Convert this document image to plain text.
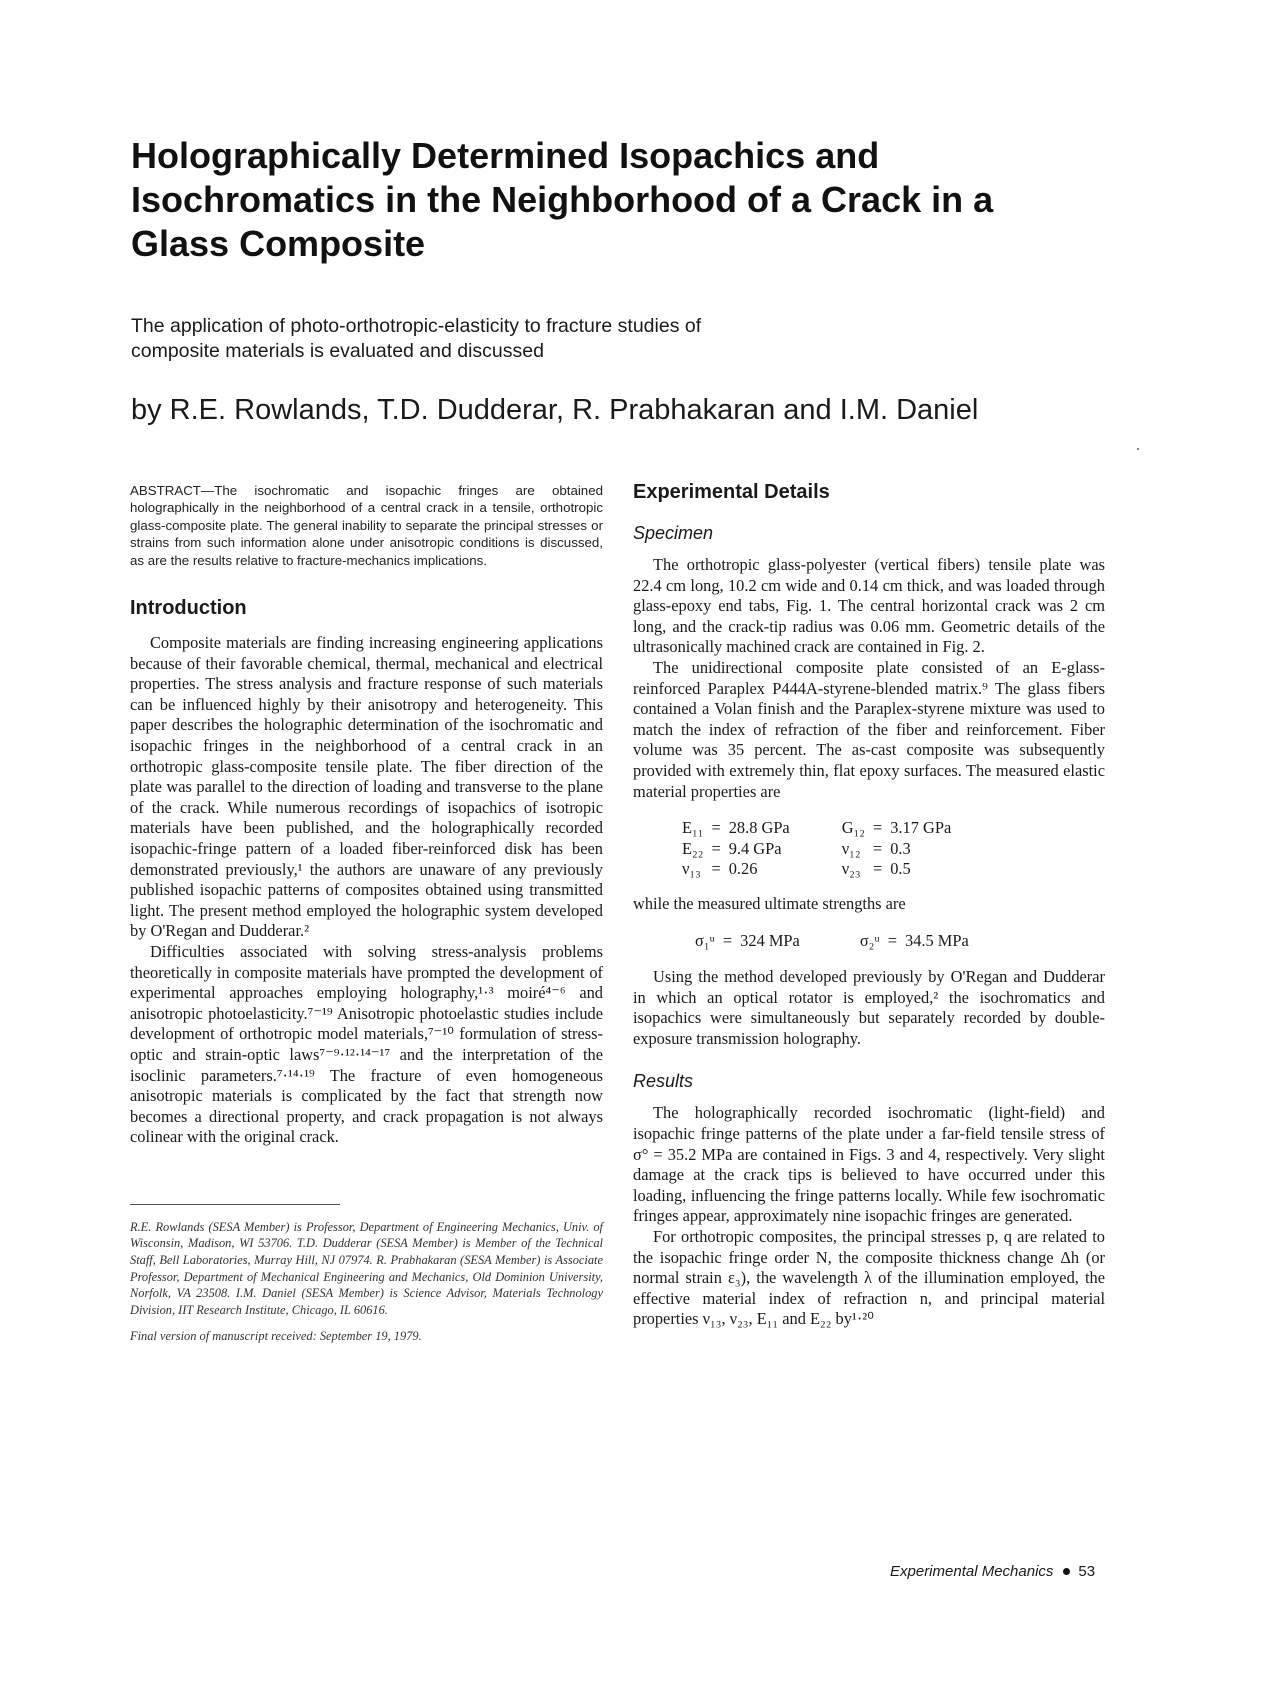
Holographically Determined Isopachics and Isochromatics in the Neighborhood of a Crack in a Glass Composite
The application of photo-orthotropic-elasticity to fracture studies of composite materials is evaluated and discussed
by R.E. Rowlands, T.D. Dudderar, R. Prabhakaran and I.M. Daniel

ABSTRACT—The isochromatic and isopachic fringes are obtained holographically in the neighborhood of a central crack in a tensile, orthotropic glass-composite plate. The general inability to separate the principal stresses or strains from such information alone under anisotropic conditions is discussed, as are the results relative to fracture-mechanics implications.

Introduction

Composite materials are finding increasing engineering applications because of their favorable chemical, thermal, mechanical and electrical properties. The stress analysis and fracture response of such materials can be influenced highly by their anisotropy and heterogeneity. This paper describes the holographic determination of the isochromatic and isopachic fringes in the neighborhood of a central crack in an orthotropic glass-composite tensile plate. The fiber direction of the plate was parallel to the direction of loading and transverse to the plane of the crack. While numerous recordings of isopachics of isotropic materials have been published, and the holographically recorded isopachic-fringe pattern of a loaded fiber-reinforced disk has been demonstrated previously,¹ the authors are unaware of any previously published isopachic patterns of composites obtained using transmitted light. The present method employed the holographic system developed by O'Regan and Dudderar.²

Difficulties associated with solving stress-analysis problems theoretically in composite materials have prompted the development of experimental approaches employing holography,¹·³ moiré⁴⁻⁶ and anisotropic photoelasticity.⁷⁻¹⁹ Anisotropic photoelastic studies include development of orthotropic model materials,⁷⁻¹⁰ formulation of stress-optic and strain-optic laws⁷⁻⁹·¹²·¹⁴⁻¹⁷ and the interpretation of the isoclinic parameters.⁷·¹⁴·¹⁹ The fracture of even homogeneous anisotropic materials is complicated by the fact that strength now becomes a directional property, and crack propagation is not always colinear with the original crack.

R.E. Rowlands (SESA Member) is Professor, Department of Engineering Mechanics, Univ. of Wisconsin, Madison, WI 53706. T.D. Dudderar (SESA Member) is Member of the Technical Staff, Bell Laboratories, Murray Hill, NJ 07974. R. Prabhakaran (SESA Member) is Associate Professor, Department of Mechanical Engineering and Mechanics, Old Dominion University, Norfolk, VA 23508. I.M. Daniel (SESA Member) is Science Advisor, Materials Technology Division, IIT Research Institute, Chicago, IL 60616.

Final version of manuscript received: September 19, 1979.

Experimental Details
Specimen

The orthotropic glass-polyester (vertical fibers) tensile plate was 22.4 cm long, 10.2 cm wide and 0.14 cm thick, and was loaded through glass-epoxy end tabs, Fig. 1. The central horizontal crack was 2 cm long, and the crack-tip radius was 0.06 mm. Geometric details of the ultrasonically machined crack are contained in Fig. 2.

The unidirectional composite plate consisted of an E-glass-reinforced Paraplex P444A-styrene-blended matrix.⁹ The glass fibers contained a Volan finish and the Paraplex-styrene mixture was used to match the index of refraction of the fiber and reinforcement. Fiber volume was 35 percent. The as-cast composite was subsequently provided with extremely thin, flat epoxy surfaces. The measured elastic material properties are

E₁₁	=	28.8 GPa	G₁₂	=	3.17 GPa
E₂₂	=	9.4 GPa	ν₁₂	=	0.3
ν₁₃	=	0.26	ν₂₃	=	0.5

while the measured ultimate strengths are

σ₁ᵘ	=	324 MPa	σ₂ᵘ	=	34.5 MPa

Using the method developed previously by O'Regan and Dudderar in which an optical rotator is employed,² the isochromatics and isopachics were simultaneously but separately recorded by double-exposure transmission holography.

Results

The holographically recorded isochromatic (light-field) and isopachic fringe patterns of the plate under a far-field tensile stress of σ° = 35.2 MPa are contained in Figs. 3 and 4, respectively. Very slight damage at the crack tips is believed to have occurred under this loading, influencing the fringe patterns locally. While few isochromatic fringes appear, approximately nine isopachic fringes are generated.

For orthotropic composites, the principal stresses p, q are related to the isopachic fringe order N, the composite thickness change Δh (or normal strain ε₃), the wavelength λ of the illumination employed, the effective material index of refraction n, and principal material properties ν₁₃, ν₂₃, E₁₁ and E₂₂ by¹·²⁰

Experimental Mechanics 53
